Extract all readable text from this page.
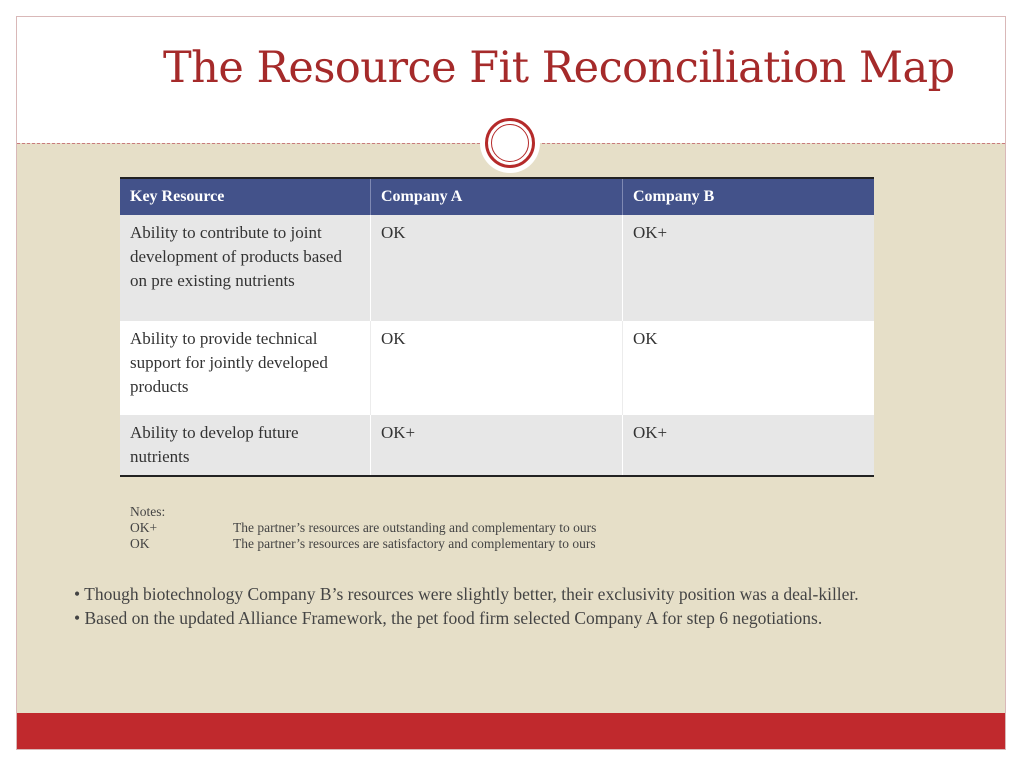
The Resource Fit Reconciliation Map
Key Resource	Company A	Company B
Ability to contribute to joint development of products based on pre existing nutrients	OK	OK+
Ability to provide technical support for jointly developed products	OK	OK
Ability to develop future nutrients	OK+	OK+
Notes:
OK+	The partner’s resources are outstanding and complementary to ours
OK	The partner’s resources are satisfactory and complementary to ours

• Though biotechnology Company B’s resources were slightly better, their exclusivity position was a deal-killer.

• Based on the updated Alliance Framework, the pet food firm selected Company A for step 6 negotiations.
